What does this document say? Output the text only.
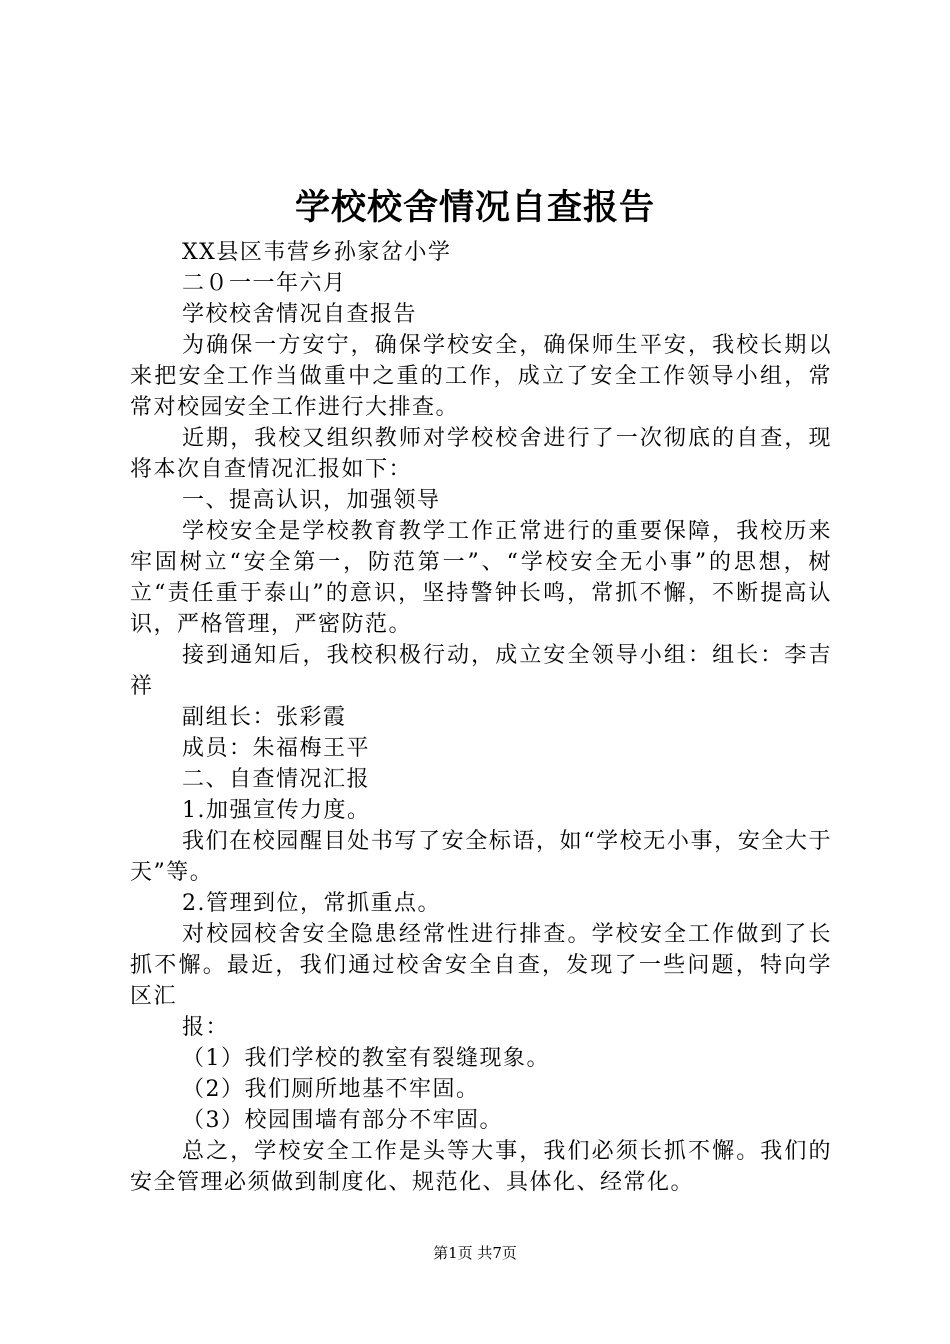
学校校舍情况自查报告

XX县区韦营乡孙家岔小学

二０一一年六月

学校校舍情况自查报告

为确保一方安宁，确保学校安全，确保师生平安，我校长期以来把安全工作当做重中之重的工作，成立了安全工作领导小组，常常对校园安全工作进行大排查。

近期，我校又组织教师对学校校舍进行了一次彻底的自查，现将本次自查情况汇报如下：

一、提高认识，加强领导

学校安全是学校教育教学工作正常进行的重要保障，我校历来牢固树立“安全第一，防范第一”、“学校安全无小事”的思想，树立“责任重于泰山”的意识，坚持警钟长鸣，常抓不懈，不断提高认识，严格管理，严密防范。

接到通知后，我校积极行动，成立安全领导小组：组长：李吉祥

副组长：张彩霞

成员：朱福梅王平

二、自查情况汇报

1.加强宣传力度。

我们在校园醒目处书写了安全标语，如“学校无小事，安全大于天”等。

2.管理到位，常抓重点。

对校园校舍安全隐患经常性进行排查。学校安全工作做到了长抓不懈。最近，我们通过校舍安全自查，发现了一些问题，特向学区汇

报：

（1）我们学校的教室有裂缝现象。

（2）我们厕所地基不牢固。

（3）校园围墙有部分不牢固。

总之，学校安全工作是头等大事，我们必须长抓不懈。我们的安全管理必须做到制度化、规范化、具体化、经常化。

第1页 共7页
